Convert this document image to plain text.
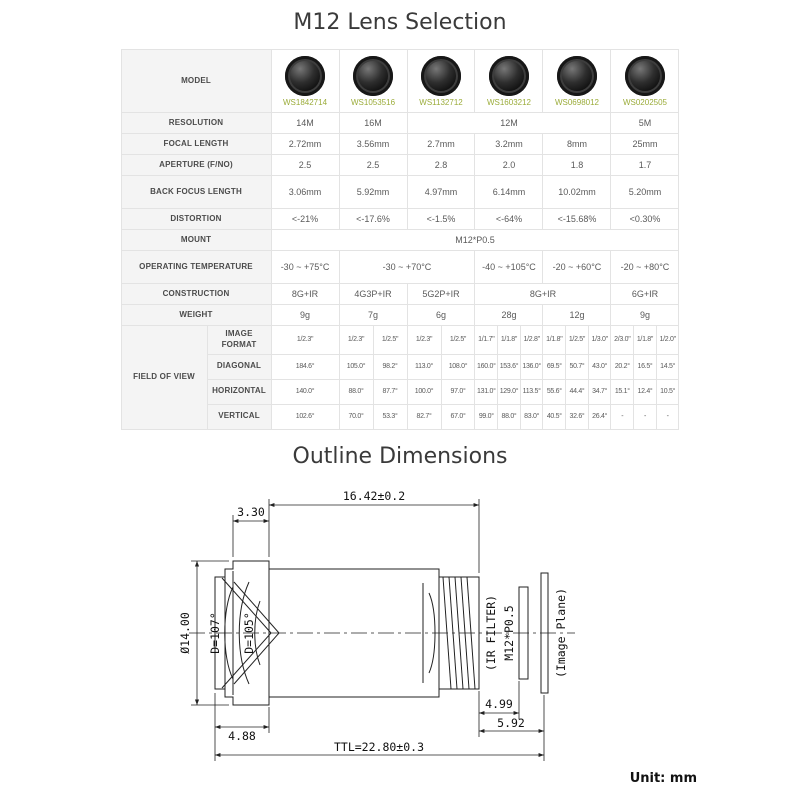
M12 Lens Selection
MODEL		WS1842714	WS1053516		WS1132712		WS1603212			WS0698012			WS0202505		

RESOLUTION		14M	16M		12M								5M		
FOCAL LENGTH		2.72mm	3.56mm		2.7mm		3.2mm			8mm			25mm		
APERTURE (F/NO)		2.5	2.5		2.8		2.0			1.8			1.7		
BACK FOCUS LENGTH		3.06mm	5.92mm		4.97mm		6.14mm			10.02mm			5.20mm		
DISTORTION		<-21%	<-17.6%		<-1.5%		<-64%			<-15.68%			<0.30%		
MOUNT		M12*P0.5													
OPERATING TEMPERATURE		-30 ~ +75°C	-30 ~ +70°C				-40 ~ +105°C			-20 ~ +60°C			-20 ~ +80°C		
CONSTRUCTION		8G+IR	4G3P+IR		5G2P+IR		8G+IR						6G+IR		
WEIGHT		9g	7g		6g		28g			12g			9g		
FIELD OF VIEW	IMAGE FORMAT	1/2.3"	1/2.3"	1/2.5"	1/2.3"	1/2.5"	1/1.7"	1/1.8"	1/2.8"	1/1.8"	1/2.5"	1/3.0"	2/3.0"	1/1.8"	1/2.0"
	DIAGONAL	184.6°	105.0°	98.2°	113.0°	108.0°	160.0°	153.6°	136.0°	69.5°	50.7°	43.0°	20.2°	16.5°	14.5°
	HORIZONTAL	140.0°	88.0°	87.7°	100.0°	97.0°	131.0°	129.0°	113.5°	55.6°	44.4°	34.7°	15.1°	12.4°	10.5°
	VERTICAL	102.6°	70.0°	53.3°	82.7°	67.0°	99.0°	88.0°	83.0°	40.5°	32.6°	26.4°	-	-	-
Outline Dimensions
16.42±0.2
3.30
Ø14.00 D=107° D=105°	(IR FILTER) M12*P0.5	(Image Plane)
4.88
4.99
5.92
TTL=22.80±0.3
Unit: mm
